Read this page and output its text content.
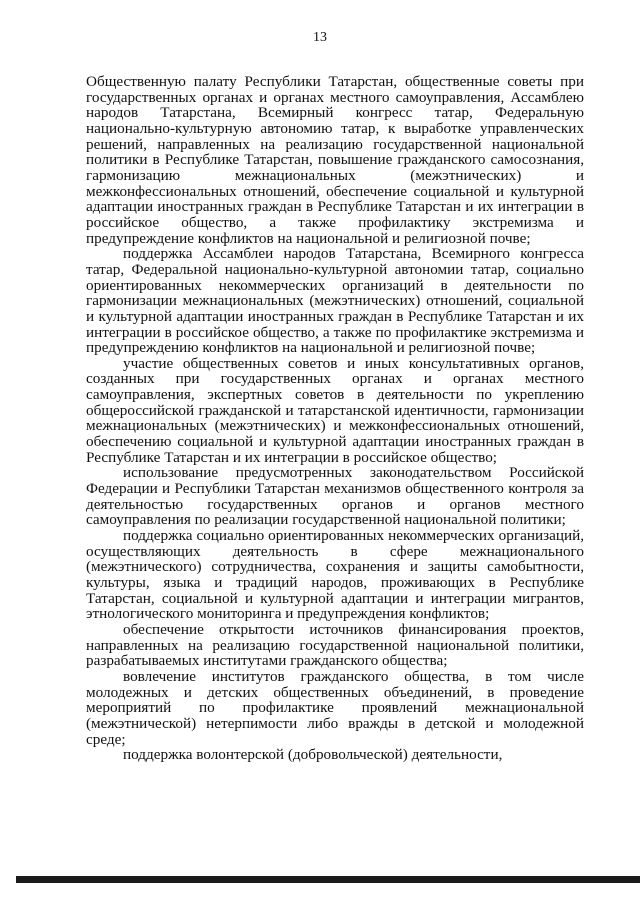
13

Общественную палату Республики Татарстан, общественные советы при государственных органах и органах местного самоуправления, Ассамблею народов Татарстана, Всемирный конгресс татар, Федеральную национально-культурную автономию татар, к выработке управленческих решений, направленных на реализацию государственной национальной политики в Республике Татарстан, повышение гражданского самосознания, гармонизацию межнациональных (межэтнических) и межконфессиональных отношений, обеспечение социальной и культурной адаптации иностранных граждан в Республике Татарстан и их интеграции в российское общество, а также профилактику экстремизма и предупреждение конфликтов на национальной и религиозной почве;

поддержка Ассамблеи народов Татарстана, Всемирного конгресса татар, Федеральной национально-культурной автономии татар, социально ориентированных некоммерческих организаций в деятельности по гармонизации межнациональных (межэтнических) отношений, социальной и культурной адаптации иностранных граждан в Республике Татарстан и их интеграции в российское общество, а также по профилактике экстремизма и предупреждению конфликтов на национальной и религиозной почве;

участие общественных советов и иных консультативных органов, созданных при государственных органах и органах местного самоуправления, экспертных советов в деятельности по укреплению общероссийской гражданской и татарстанской идентичности, гармонизации межнациональных (межэтнических) и межконфессиональных отношений, обеспечению социальной и культурной адаптации иностранных граждан в Республике Татарстан и их интеграции в российское общество;

использование предусмотренных законодательством Российской Федерации и Республики Татарстан механизмов общественного контроля за деятельностью государственных органов и органов местного самоуправления по реализации государственной национальной политики;

поддержка социально ориентированных некоммерческих организаций, осуществляющих деятельность в сфере межнационального (межэтнического) сотрудничества, сохранения и защиты самобытности, культуры, языка и традиций народов, проживающих в Республике Татарстан, социальной и культурной адаптации и интеграции мигрантов, этнологического мониторинга и предупреждения конфликтов;

обеспечение открытости источников финансирования проектов, направленных на реализацию государственной национальной политики, разрабатываемых институтами гражданского общества;

вовлечение институтов гражданского общества, в том числе молодежных и детских общественных объединений, в проведение мероприятий по профилактике проявлений межнациональной (межэтнической) нетерпимости либо вражды в детской и молодежной среде;

поддержка волонтерской (добровольческой) деятельности,
